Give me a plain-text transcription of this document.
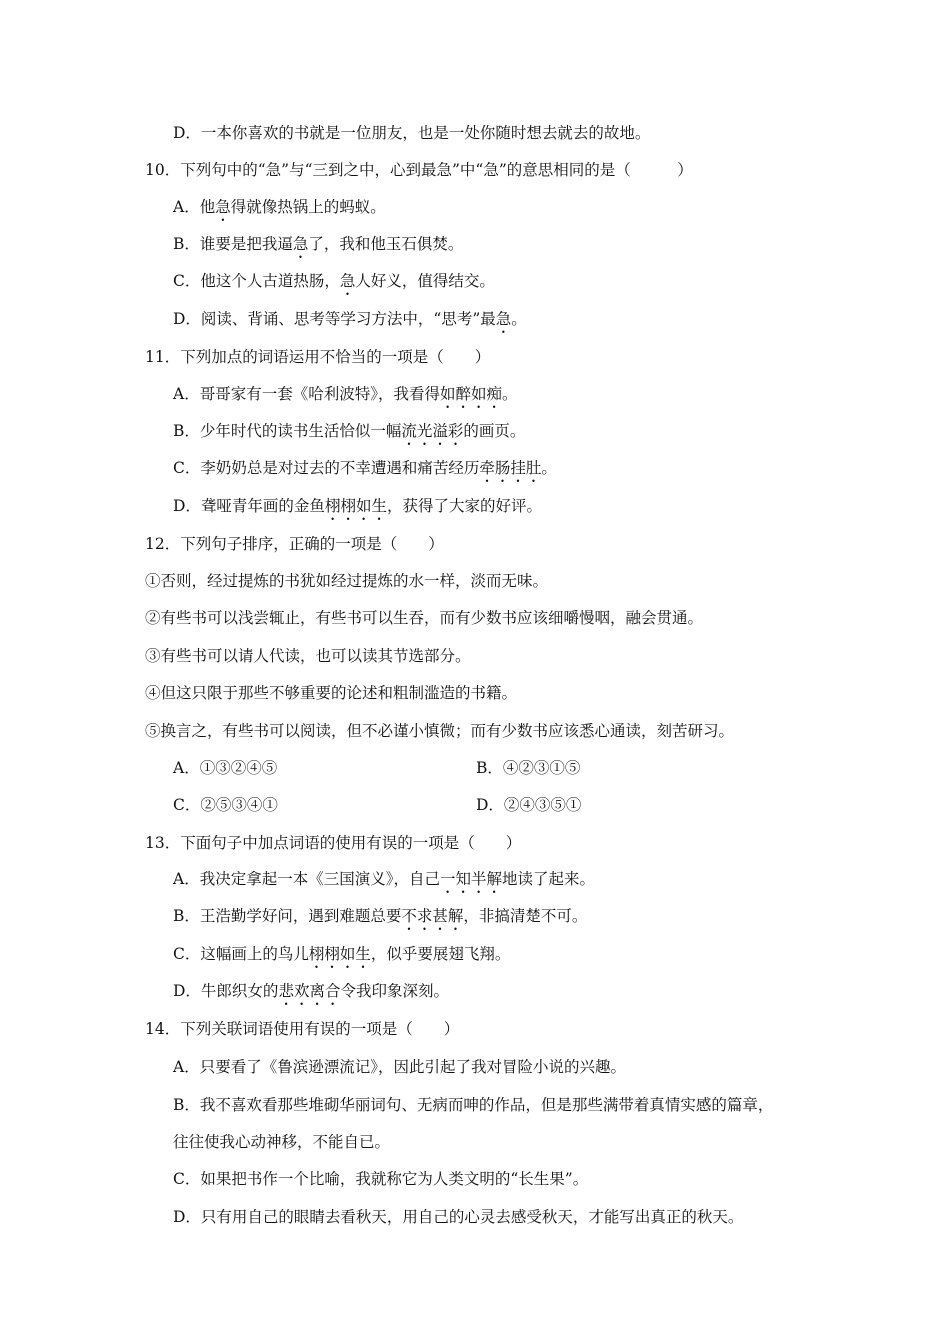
D．一本你喜欢的书就是一位朋友，也是一处你随时想去就去的故地。
10．下列句中的“急”与“三到之中，心到最急”中“急”的意思相同的是（　　　）
A．他急得就像热锅上的蚂蚁。
B．谁要是把我逼急了，我和他玉石俱焚。
C．他这个人古道热肠，急人好义，值得结交。
D．阅读、背诵、思考等学习方法中，“思考”最急。
11．下列加点的词语运用不恰当的一项是（　　）
A．哥哥家有一套《哈利波特》，我看得如醉如痴。
B．少年时代的读书生活恰似一幅流光溢彩的画页。
C．李奶奶总是对过去的不幸遭遇和痛苦经历牵肠挂肚。
D．聋哑青年画的金鱼栩栩如生，获得了大家的好评。
12．下列句子排序，正确的一项是（　　）
①否则，经过提炼的书犹如经过提炼的水一样，淡而无味。
②有些书可以浅尝辄止，有些书可以生吞，而有少数书应该细嚼慢咽，融会贯通。
③有些书可以请人代读，也可以读其节选部分。
④但这只限于那些不够重要的论述和粗制滥造的书籍。
⑤换言之，有些书可以阅读，但不必谨小慎微；而有少数书应该悉心通读，刻苦研习。
A．①③②④⑤	B．④②③①⑤
C．②⑤③④①	D．②④③⑤①
13．下面句子中加点词语的使用有误的一项是（　　）
A．我决定拿起一本《三国演义》，自己一知半解地读了起来。
B．王浩勤学好问，遇到难题总要不求甚解，非搞清楚不可。
C．这幅画上的鸟儿栩栩如生，似乎要展翅飞翔。
D．牛郎织女的悲欢离合令我印象深刻。
14．下列关联词语使用有误的一项是（　　）
A．只要看了《鲁滨逊漂流记》，因此引起了我对冒险小说的兴趣。
B．我不喜欢看那些堆砌华丽词句、无病而呻的作品，但是那些满带着真情实感的篇章，
往往使我心动神移，不能自已。
C．如果把书作一个比喻，我就称它为人类文明的“长生果”。
D．只有用自己的眼睛去看秋天，用自己的心灵去感受秋天，才能写出真正的秋天。
